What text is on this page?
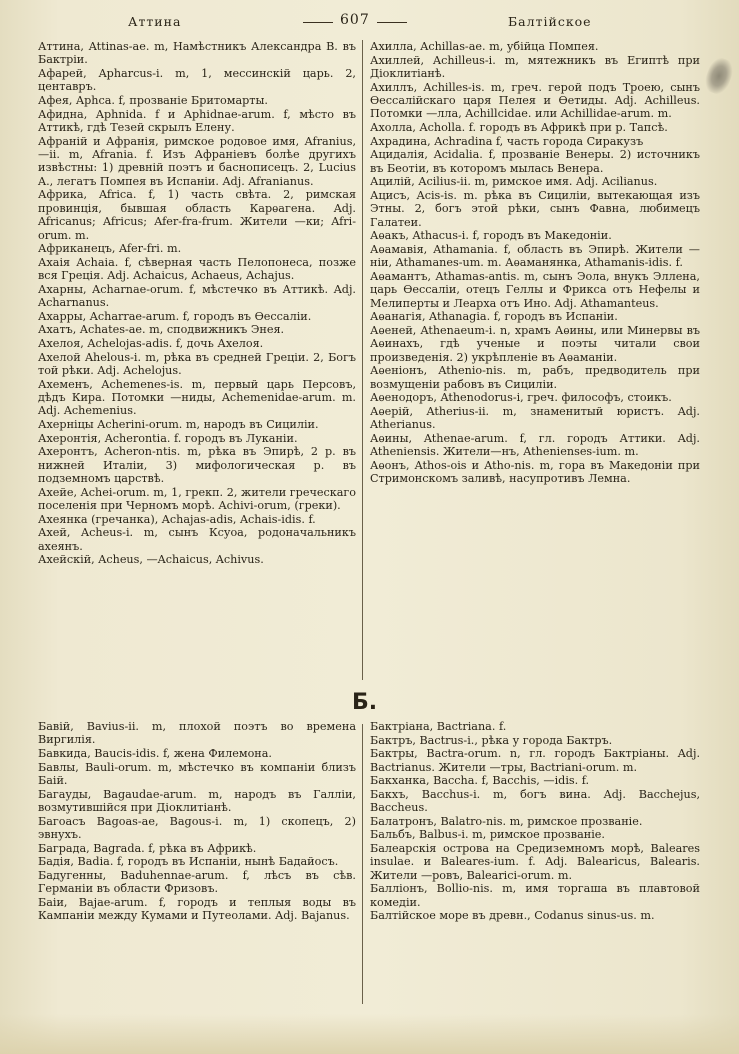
Аттина	607	Балтійское

Аттина, Attinas-ae. m, Намѣстникъ Александра В. въ Бактріи.

Афарей, Apharcus-i. m, 1, мессинскій царь. 2, центавръ.

Афея, Aphca. f, прозваніе Бритомарты.

Афидна, Aphnida. f и Aphidnae-arum. f, мѣсто въ Аттикѣ, гдѣ Тезей скрылъ Елену.

Афраній и Афранія, римское родовое имя, Afranius, —ii. m, Afrania. f. Изъ Афраніевъ болѣе другихъ извѣстны: 1) древній поэтъ и баснописецъ. 2, Lucius A., легатъ Помпея въ Испаніи. Adj. Afranianus.

Африка, Africa. f, 1) часть свѣта. 2, римская провинція, бывшая область Карѳагена. Adj. Africanus; Africus; Afer-fra-frum. Жители —ки; Afri-orum. m.

Африканецъ, Afer-fri. m.

Ахаія Achaia. f, сѣверная часть Пелопонеса, позже вся Греція. Adj. Achaicus, Achaeus, Achajus.

Ахарны, Acharnae-orum. f, мѣстечко въ Аттикѣ. Adj. Acharnanus.

Ахарры, Acharrae-arum. f, городъ въ Өессаліи.

Ахатъ, Achates-ae. m, сподвижникъ Энея.

Ахелоя, Achelojas-adis. f, дочь Ахелоя.

Ахелой Ahelous-i. m, рѣка въ средней Греціи. 2, Богъ той рѣки. Adj. Achelojus.

Ахеменъ, Achemenes-is. m, первый царь Персовъ, дѣдъ Кира. Потомки —ниды, Achemenidae-arum. m. Adj. Achemenius.

Ахерніцы Acherini-orum. m, народъ въ Сициліи.

Ахеронтія, Acherontia. f. городъ въ Луканіи.

Ахеронтъ, Acheron-ntis. m, рѣка въ Эпирѣ, 2 р. въ нижней Италіи, 3) мифологическая р. въ подземномъ царствѣ.

Ахейе, Achei-orum. m, 1, грекп. 2, жители греческаго поселенія при Черномъ морѣ. Achivi-orum, (греки).

Ахеянка (гречанка), Achajas-adis, Achais-idis. f.

Ахей, Acheus-i. m, сынъ Ксуоа, родоначальникъ ахеянъ.

Ахейскій, Acheus, —Achaicus, Achivus.

Ахилла, Achillas-ae. m, убійца Помпея.

Ахиллей, Achilleus-i. m, мятежникъ въ Египтѣ при Діоклитіанѣ.

Ахиллъ, Achilles-is. m, греч. герой подъ Троею, сынъ Өессалійскаго царя Пелея и Өетиды. Adj. Achilleus. Потомки —лла, Achillcidae. или Achillidae-arum. m.

Ахолла, Acholla. f. городъ въ Африкѣ при р. Тапсѣ.

Ахрадина, Achradina f, часть города Сиракузъ

Ацидалія, Acidalia. f, прозваніе Венеры. 2) источникъ въ Беотіи, въ которомъ мылась Венера.

Ацилій, Acilius-ii. m, римское имя. Adj. Acilianus.

Ацисъ, Acis-is. m. рѣка въ Сициліи, вытекающая изъ Этны. 2, богъ этой рѣки, сынъ Фавна, любимецъ Галатеи.

Аѳакъ, Athacus-i. f, городъ въ Македоніи.

Аѳамавія, Athamania. f, область въ Эпирѣ. Жители —ніи, Athamanes-um. m. Аѳаманянка, Athamanis-idis. f.

Аѳамантъ, Athamas-antis. m, сынъ Эола, внукъ Эллена, царь Өессаліи, отецъ Геллы и Фрикса отъ Нефелы и Мелиперты и Леарха отъ Ино. Adj. Athamanteus.

Аѳанагія, Athanagia. f, городъ въ Испаніи.

Аѳеней, Athenaeum-i. n, храмъ Аѳины, или Минервы въ Аѳинахъ, гдѣ ученые и поэты читали свои произведенія. 2) укрѣпленіе въ Аѳаманіи.

Аѳеніонъ, Athenio-nis. m, рабъ, предводитель при возмущеніи рабовъ въ Сициліи.

Аѳенодоръ, Athenodorus-i, греч. философъ, стоикъ.

Аѳерій, Atherius-ii. m, знаменитый юристъ. Adj. Atherianus.

Аѳины, Athenae-arum. f, гл. городъ Аттики. Adj. Atheniensis. Жители—нъ, Athenienses-ium. m.

Аѳонъ, Athos-ois и Atho-nis. m, гора въ Македоніи при Стримонскомъ заливѣ, насупротивъ Лемна.

Б.

Бавій, Bavius-ii. m, плохой поэтъ во времена Виргилія.

Бавкида, Baucis-idis. f, жена Филемона.

Бавлы, Bauli-orum. m, мѣстечко въ компаніи близъ Баій.

Багауды, Bagaudae-arum. m, народъ въ Галліи, возмутившійся при Діоклитіанѣ.

Багоасъ Bagoas-ae, Bagous-i. m, 1) скопецъ, 2) эвнухъ.

Баграда, Bagrada. f, рѣка въ Африкѣ.

Бадія, Badia. f, городъ въ Испаніи, нынѣ Бадайосъ.

Бадугенны, Baduhennae-arum. f, лѣсъ въ сѣв. Германіи въ области Фризовъ.

Баіи, Bajae-arum. f, городъ и теплыя воды въ Кампаніи между Кумами и Путеолами. Adj. Bajanus.

Бактріана, Bactriana. f.

Бактръ, Bactrus-i., рѣка у города Бактръ.

Бактры, Bactra-orum. n, гл. городъ Бактріаны. Adj. Bactrianus. Жители —тры, Bactriani-orum. m.

Бакханка, Baccha. f, Bacchis, —idis. f.

Бакхъ, Bacchus-i. m, богъ вина. Adj. Bacchejus, Baccheus.

Балатронъ, Balatro-nis. m, римское прозваніе.

Бальбъ, Balbus-i. m, римское прозваніе.

Балеарскія острова на Средиземномъ морѣ, Baleares insulae. и Baleares-ium. f. Adj. Balearicus, Balearis. Жители —ровъ, Balearici-orum. m.

Баллiонъ, Bollio-nis. m, имя торгаша въ плавтовой комедіи.

Балтійское море въ древн., Codanus sinus-us. m.
